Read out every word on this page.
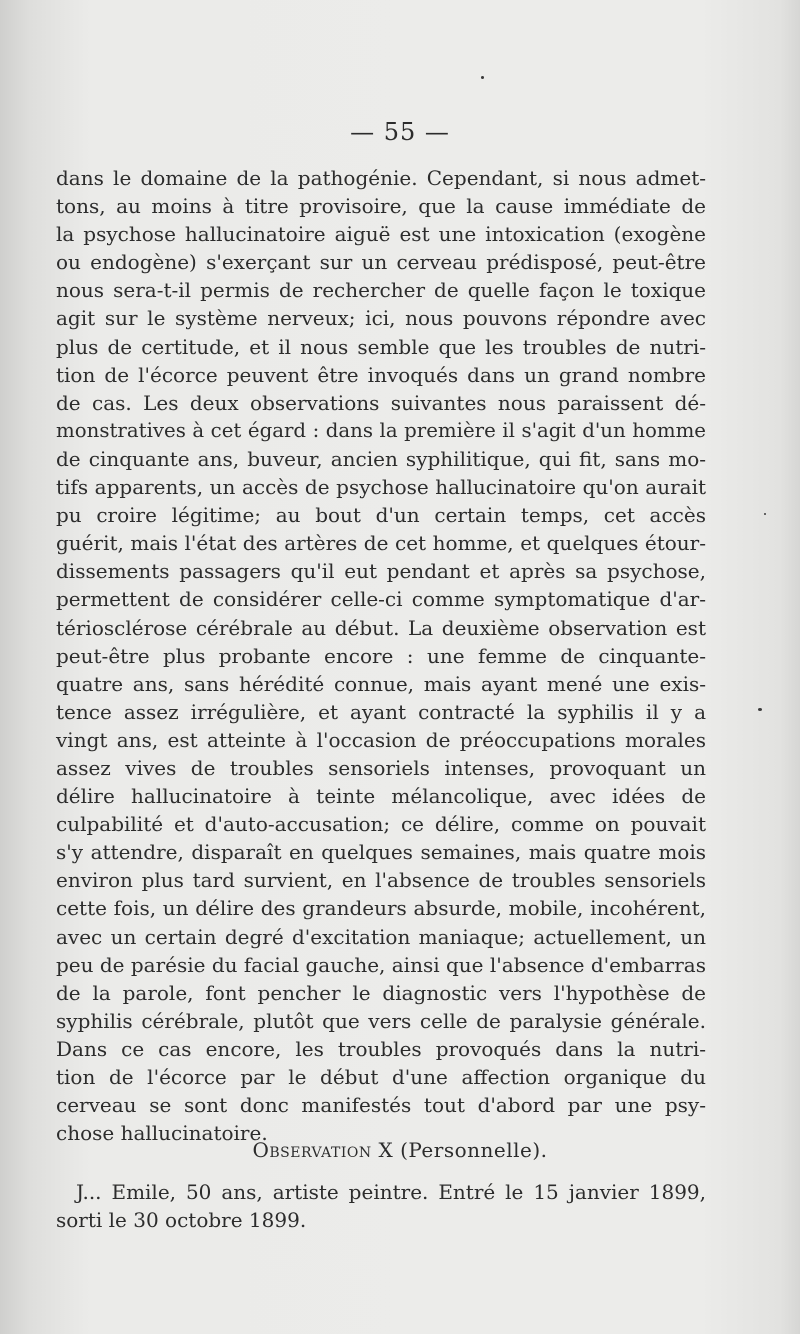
— 55 —
dans le domaine de la pathogénie. Cependant, si nous admet-
tons, au moins à titre provisoire, que la cause immédiate de
la psychose hallucinatoire aiguë est une intoxication (exogène
ou endogène) s'exerçant sur un cerveau prédisposé, peut-être
nous sera-t-il permis de rechercher de quelle façon le toxique
agit sur le système nerveux; ici, nous pouvons répondre avec
plus de certitude, et il nous semble que les troubles de nutri-
tion de l'écorce peuvent être invoqués dans un grand nombre
de cas. Les deux observations suivantes nous paraissent dé-
monstratives à cet égard : dans la première il s'agit d'un homme
de cinquante ans, buveur, ancien syphilitique, qui fit, sans mo-
tifs apparents, un accès de psychose hallucinatoire qu'on aurait
pu croire légitime; au bout d'un certain temps, cet accès
guérit, mais l'état des artères de cet homme, et quelques étour-
dissements passagers qu'il eut pendant et après sa psychose,
permettent de considérer celle-ci comme symptomatique d'ar-
tériosclérose cérébrale au début. La deuxième observation est
peut-être plus probante encore : une femme de cinquante-
quatre ans, sans hérédité connue, mais ayant mené une exis-
tence assez irrégulière, et ayant contracté la syphilis il y a
vingt ans, est atteinte à l'occasion de préoccupations morales
assez vives de troubles sensoriels intenses, provoquant un
délire hallucinatoire à teinte mélancolique, avec idées de
culpabilité et d'auto-accusation; ce délire, comme on pouvait
s'y attendre, disparaît en quelques semaines, mais quatre mois
environ plus tard survient, en l'absence de troubles sensoriels
cette fois, un délire des grandeurs absurde, mobile, incohérent,
avec un certain degré d'excitation maniaque; actuellement, un
peu de parésie du facial gauche, ainsi que l'absence d'embarras
de la parole, font pencher le diagnostic vers l'hypothèse de
syphilis cérébrale, plutôt que vers celle de paralysie générale.
Dans ce cas encore, les troubles provoqués dans la nutri-
tion de l'écorce par le début d'une affection organique du
cerveau se sont donc manifestés tout d'abord par une psy-
chose hallucinatoire.
Observation X (Personnelle).
J... Emile, 50 ans, artiste peintre. Entré le 15 janvier 1899,
sorti le 30 octobre 1899.
